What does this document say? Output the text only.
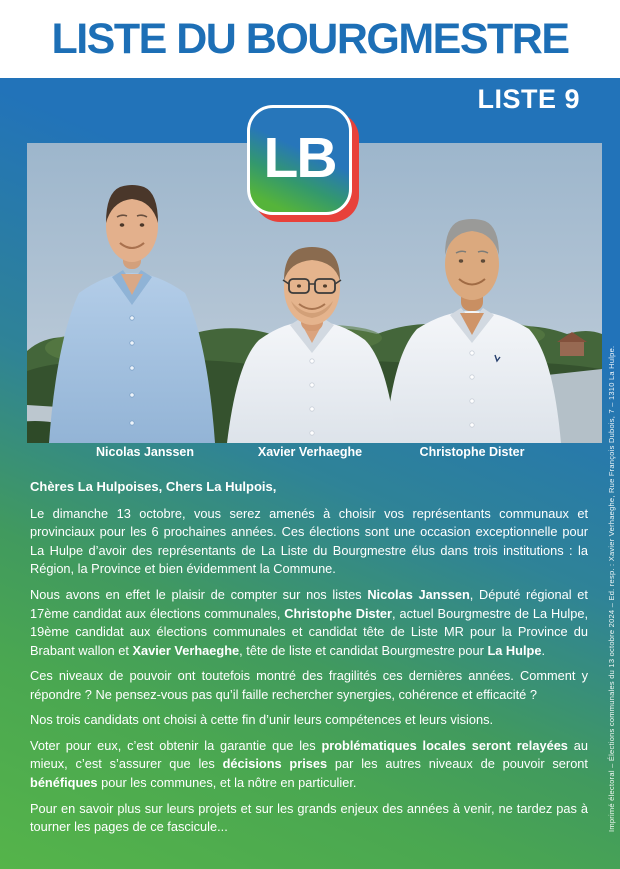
LISTE DU BOURGMESTRE
LISTE 9
LB
Nicolas Janssen	Xavier Verhaeghe	Christophe Dister

Chères La Hulpoises, Chers La Hulpois,

Le dimanche 13 octobre, vous serez amenés à choisir vos représentants communaux et provinciaux pour les 6 prochaines années. Ces élections sont une occasion exceptionnelle pour La Hulpe d’avoir des représentants de La Liste du Bourgmestre élus dans trois institutions : la Région, la Province et bien évidemment la Commune.

Nous avons en effet le plaisir de compter sur nos listes Nicolas Janssen, Député régional et 17ème candidat aux élections communales, Christophe Dister, actuel Bourgmestre de La Hulpe, 19ème candidat aux élections communales et candidat tête de Liste MR pour la Province du Brabant wallon et Xavier Verhaeghe, tête de liste et candidat Bourgmestre pour La Hulpe.

Ces niveaux de pouvoir ont toutefois montré des fragilités ces dernières années. Comment y répondre ? Ne pensez-vous pas qu’il faille rechercher synergies, cohérence et efficacité ?

Nos trois candidats ont choisi à cette fin d’unir leurs compétences et leurs visions.

Voter pour eux, c’est obtenir la garantie que les problématiques locales seront relayées au mieux, c’est s’assurer que les décisions prises par les autres niveaux de pouvoir seront bénéfiques pour les communes, et la nôtre en particulier.

Pour en savoir plus sur leurs projets et sur les grands enjeux des années à venir, ne tardez pas à tourner les pages de ce fascicule...	Imprimé électoral – Élections communales du 13 octobre 2024 – Ed. resp. : Xavier Verhaeghe, Rue François Dubois, 7 – 1310 La Hulpe.
